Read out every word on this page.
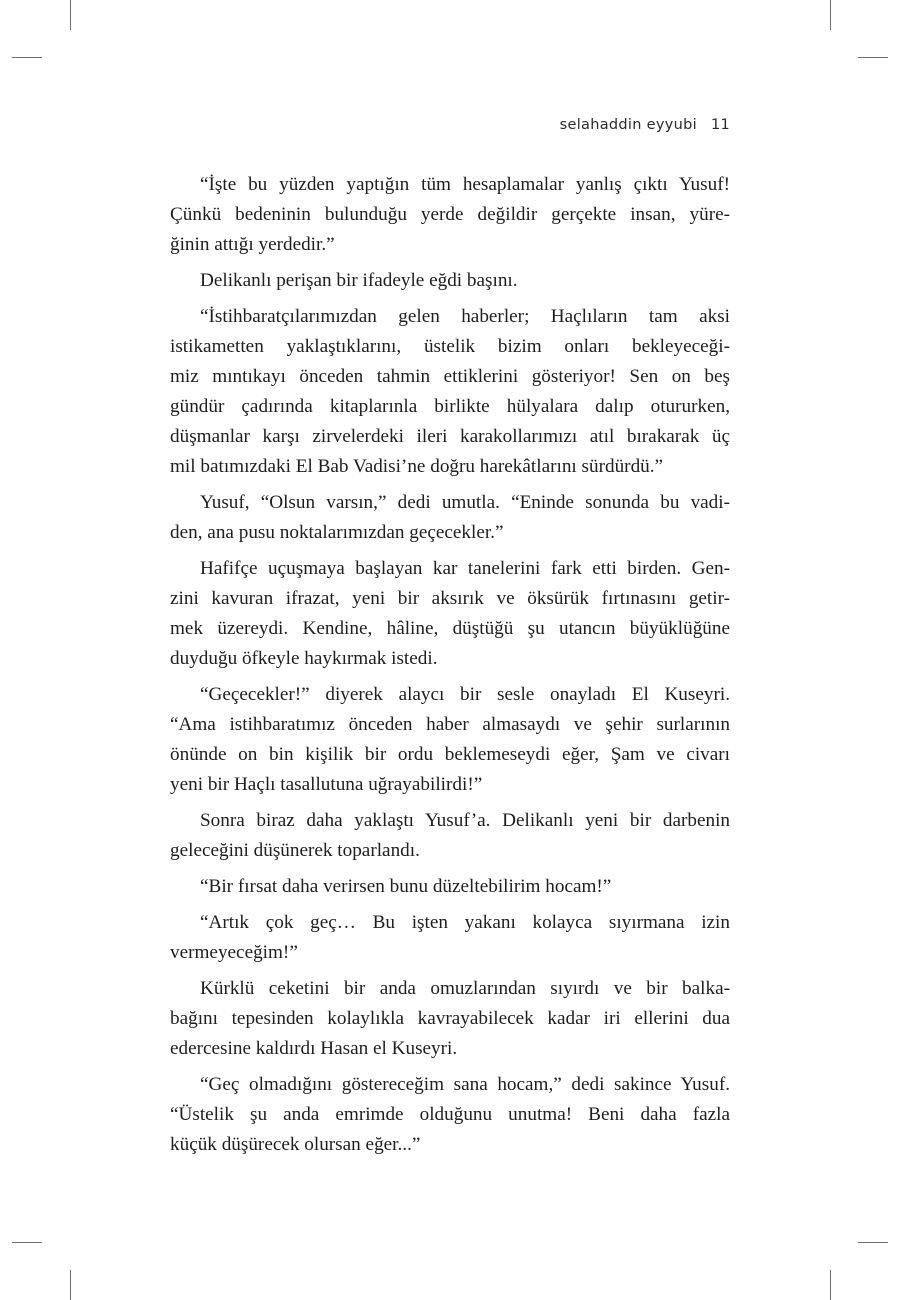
selahaddin eyyubi 11
“İşte bu yüzden yaptığın tüm hesaplamalar yanlış çıktı Yusuf!
Çünkü bedeninin bulunduğu yerde değildir gerçekte insan, yüre-
ğinin attığı yerdedir.”
Delikanlı perişan bir ifadeyle eğdi başını.
“İstihbaratçılarımızdan gelen haberler; Haçlıların tam aksi
istikametten yaklaştıklarını, üstelik bizim onları bekleyeceği-
miz mıntıkayı önceden tahmin ettiklerini gösteriyor! Sen on beş
gündür çadırında kitaplarınla birlikte hülyalara dalıp otururken,
düşmanlar karşı zirvelerdeki ileri karakollarımızı atıl bırakarak üç
mil batımızdaki El Bab Vadisi’ne doğru harekâtlarını sürdürdü.”
Yusuf, “Olsun varsın,” dedi umutla. “Eninde sonunda bu vadi-
den, ana pusu noktalarımızdan geçecekler.”
Hafifçe uçuşmaya başlayan kar tanelerini fark etti birden. Gen-
zini kavuran ifrazat, yeni bir aksırık ve öksürük fırtınasını getir-
mek üzereydi. Kendine, hâline, düştüğü şu utancın büyüklüğüne
duyduğu öfkeyle haykırmak istedi.
“Geçecekler!” diyerek alaycı bir sesle onayladı El Kuseyri.
“Ama istihbaratımız önceden haber almasaydı ve şehir surlarının
önünde on bin kişilik bir ordu beklemeseydi eğer, Şam ve civarı
yeni bir Haçlı tasallutuna uğrayabilirdi!”
Sonra biraz daha yaklaştı Yusuf’a. Delikanlı yeni bir darbenin
geleceğini düşünerek toparlandı.
“Bir fırsat daha verirsen bunu düzeltebilirim hocam!”
“Artık çok geç… Bu işten yakanı kolayca sıyırmana izin
vermeyeceğim!”
Kürklü ceketini bir anda omuzlarından sıyırdı ve bir balka-
bağını tepesinden kolaylıkla kavrayabilecek kadar iri ellerini dua
edercesine kaldırdı Hasan el Kuseyri.
“Geç olmadığını göstereceğim sana hocam,” dedi sakince Yusuf.
“Üstelik şu anda emrimde olduğunu unutma! Beni daha fazla
küçük düşürecek olursan eğer...”
